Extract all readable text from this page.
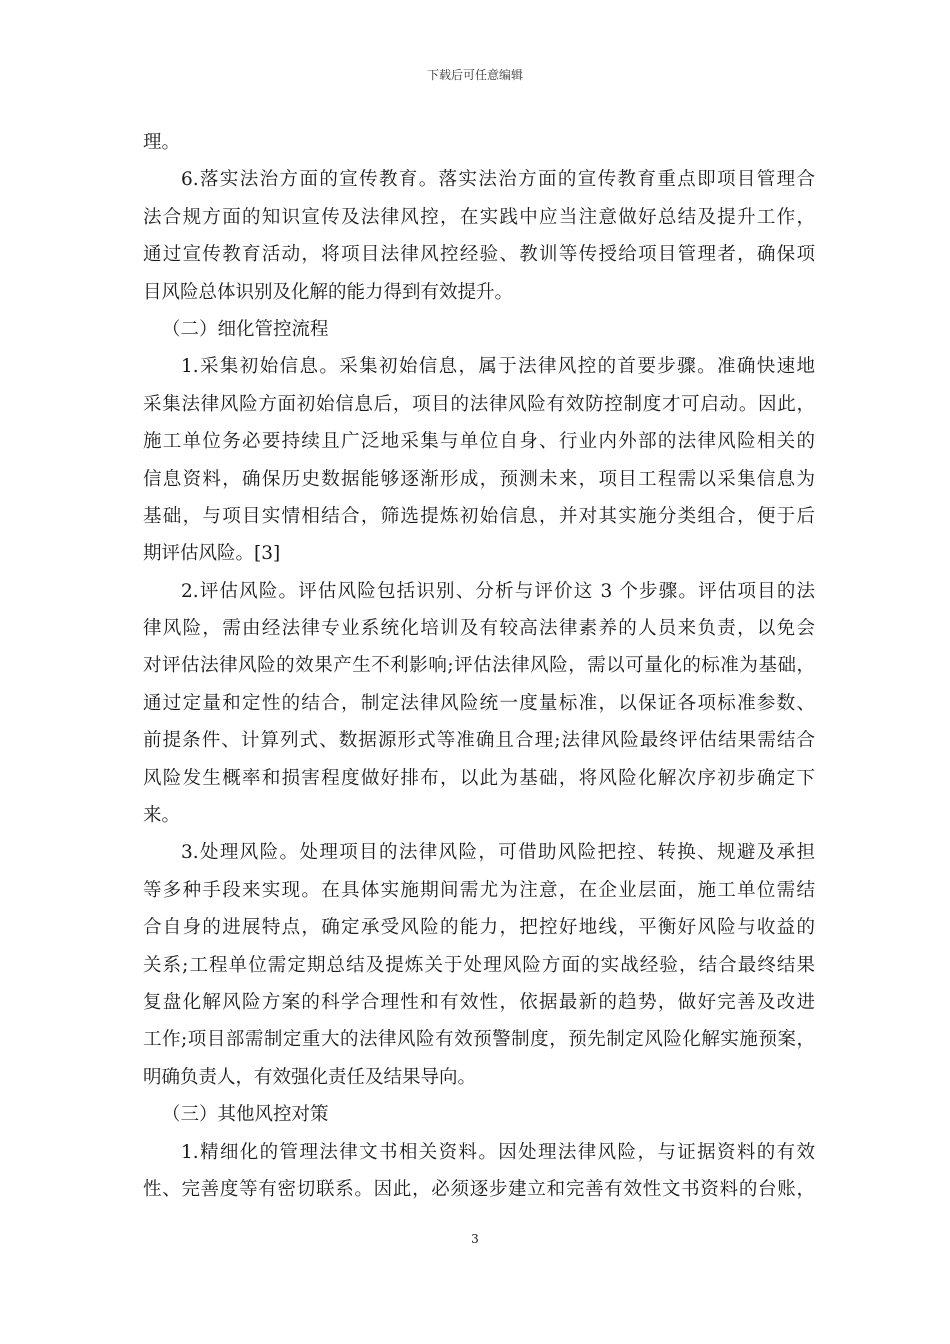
下载后可任意编辑
理。
6.落实法治方面的宣传教育。落实法治方面的宣传教育重点即项目管理合
法合规方面的知识宣传及法律风控，在实践中应当注意做好总结及提升工作，
通过宣传教育活动，将项目法律风控经验、教训等传授给项目管理者，确保项
目风险总体识别及化解的能力得到有效提升。
（二）细化管控流程
1.采集初始信息。采集初始信息，属于法律风控的首要步骤。准确快速地
采集法律风险方面初始信息后，项目的法律风险有效防控制度才可启动。因此，
施工单位务必要持续且广泛地采集与单位自身、行业内外部的法律风险相关的
信息资料，确保历史数据能够逐渐形成，预测未来，项目工程需以采集信息为
基础，与项目实情相结合，筛选提炼初始信息，并对其实施分类组合，便于后
期评估风险。[3]
2.评估风险。评估风险包括识别、分析与评价这 3 个步骤。评估项目的法
律风险，需由经法律专业系统化培训及有较高法律素养的人员来负责，以免会
对评估法律风险的效果产生不利影响;评估法律风险，需以可量化的标准为基础，
通过定量和定性的结合，制定法律风险统一度量标准，以保证各项标准参数、
前提条件、计算列式、数据源形式等准确且合理;法律风险最终评估结果需结合
风险发生概率和损害程度做好排布，以此为基础，将风险化解次序初步确定下
来。
3.处理风险。处理项目的法律风险，可借助风险把控、转换、规避及承担
等多种手段来实现。在具体实施期间需尤为注意，在企业层面，施工单位需结
合自身的进展特点，确定承受风险的能力，把控好地线，平衡好风险与收益的
关系;工程单位需定期总结及提炼关于处理风险方面的实战经验，结合最终结果
复盘化解风险方案的科学合理性和有效性，依据最新的趋势，做好完善及改进
工作;项目部需制定重大的法律风险有效预警制度，预先制定风险化解实施预案，
明确负责人，有效强化责任及结果导向。
（三）其他风控对策
1.精细化的管理法律文书相关资料。因处理法律风险，与证据资料的有效
性、完善度等有密切联系。因此，必须逐步建立和完善有效性文书资料的台账，
3
